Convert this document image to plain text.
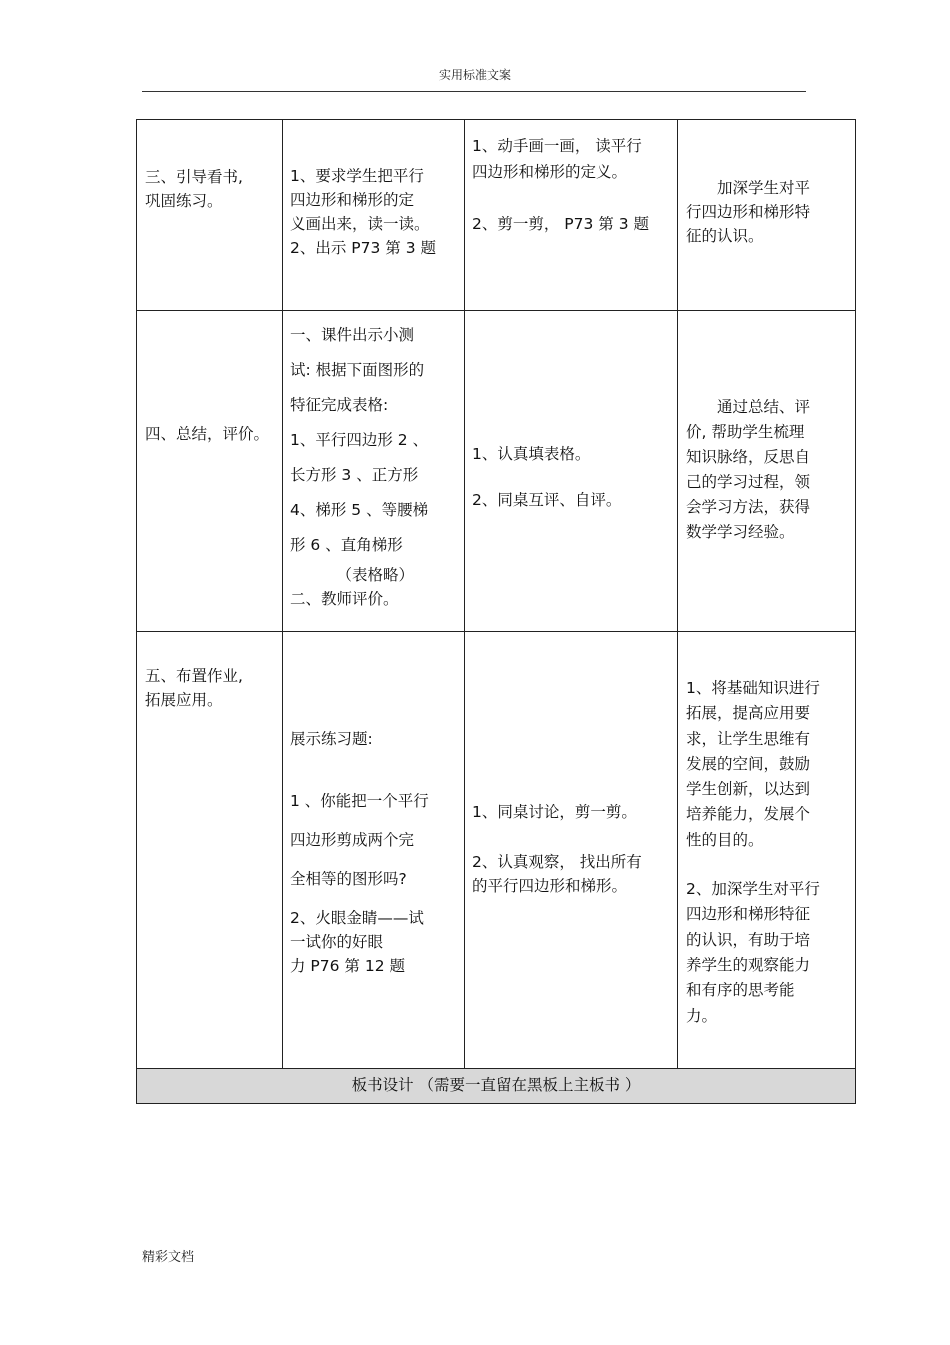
实用标准文案

三、引导看书,

巩固练习。

1、要求学生把平行

四边形和梯形的定

义画出来，读一读。

2、出示 P73 第 3 题

1、动手画一画， 读平行

四边形和梯形的定义。

2、剪一剪， P73 第 3 题

加深学生对平

行四边形和梯形特

征的认识。

四、总结，评价。

一、课件出示小测

试: 根据下面图形的

特征完成表格:

1、平行四边形 2 、

长方形 3 、正方形

4、梯形 5 、等腰梯

形 6 、直角梯形

（表格略）

二、教师评价。

1、认真填表格。

2、同桌互评、自评。

通过总结、评

价, 帮助学生梳理

知识脉络，反思自

己的学习过程，领

会学习方法，获得

数学学习经验。

五、布置作业,

拓展应用。

展示练习题:

1 、你能把一个平行

四边形剪成两个完

全相等的图形吗?

2、火眼金睛——试

一试你的好眼

力 P76 第 12 题

1、同桌讨论，剪一剪。

2、认真观察， 找出所有

的平行四边形和梯形。

1、将基础知识进行

拓展，提高应用要

求，让学生思维有

发展的空间，鼓励

学生创新，以达到

培养能力，发展个

性的目的。

2、加深学生对平行

四边形和梯形特征

的认识，有助于培

养学生的观察能力

和有序的思考能

力。

板书设计 （需要一直留在黑板上主板书 ）
精彩文档
